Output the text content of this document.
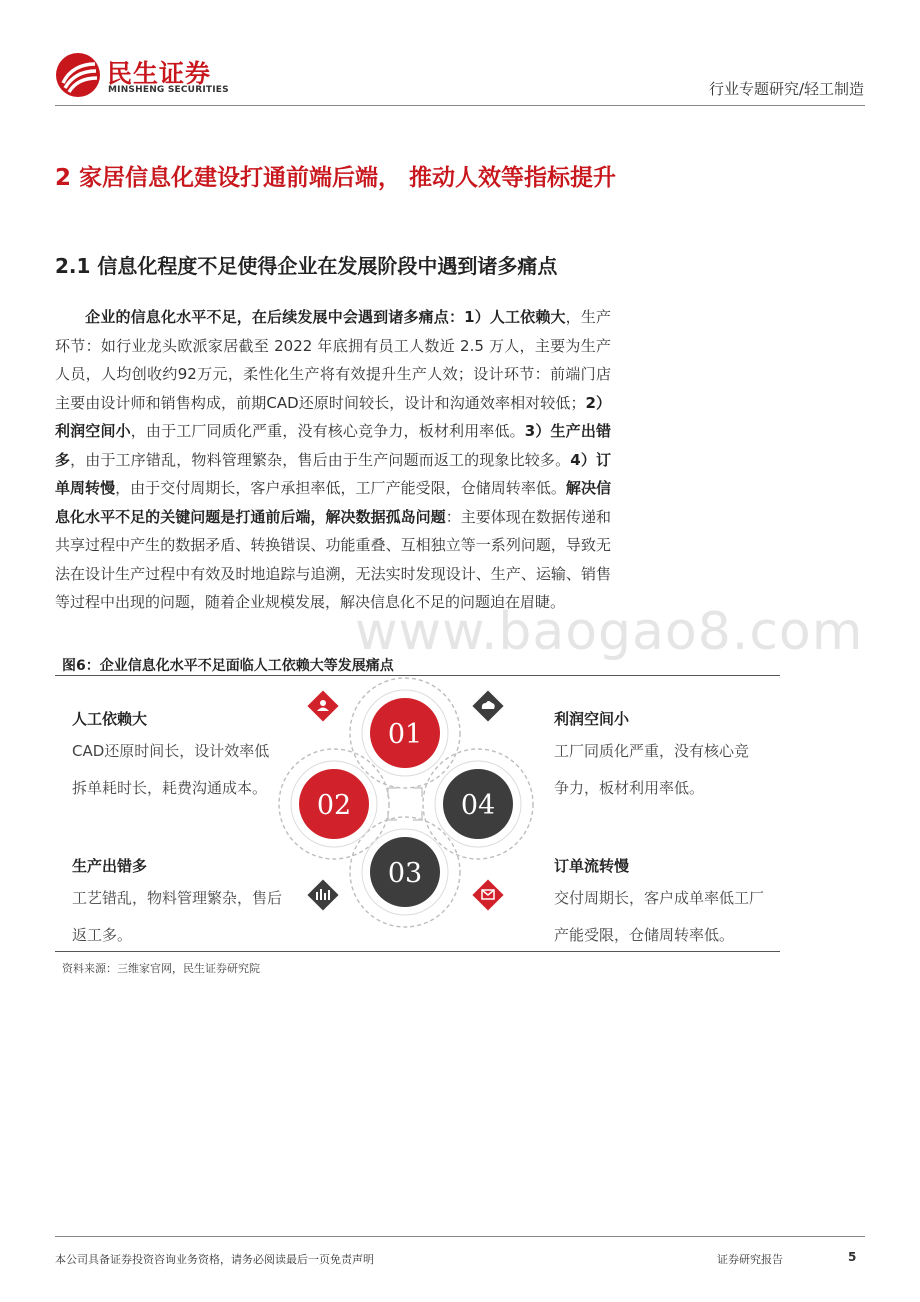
民生证券
MINSHENG SECURITIES	行业专题研究/轻工制造
2 家居信息化建设打通前端后端， 推动人效等指标提升
2.1 信息化程度不足使得企业在发展阶段中遇到诸多痛点
企业的信息化水平不足，在后续发展中会遇到诸多痛点：1）人工依赖大，生产环节：如行业龙头欧派家居截至 2022 年底拥有员工人数近 2.5 万人，主要为生产人员，人均创收约92万元，柔性化生产将有效提升生产人效；设计环节：前端门店主要由设计师和销售构成，前期CAD还原时间较长，设计和沟通效率相对较低；2）利润空间小，由于工厂同质化严重，没有核心竞争力，板材利用率低。3）生产出错多，由于工序错乱，物料管理繁杂，售后由于生产问题而返工的现象比较多。4）订单周转慢，由于交付周期长，客户承担率低，工厂产能受限，仓储周转率低。解决信息化水平不足的关键问题是打通前后端，解决数据孤岛问题：主要体现在数据传递和共享过程中产生的数据矛盾、转换错误、功能重叠、互相独立等一系列问题，导致无法在设计生产过程中有效及时地追踪与追溯，无法实时发现设计、生产、运输、销售等过程中出现的问题，随着企业规模发展，解决信息化不足的问题迫在眉睫。
www.baogao8.com
图6：企业信息化水平不足面临人工依赖大等发展痛点
人工依赖大
CAD还原时间长，设计效率低拆单耗时长，耗费沟通成本。
利润空间小
工厂同质化严重，没有核心竞争力，板材利用率低。
生产出错多
工艺错乱，物料管理繁杂，售后返工多。
订单流转慢
交付周期长，客户成单率低工厂产能受限，仓储周转率低。
01
02
03
04
资料来源：三维家官网，民生证券研究院
本公司具备证券投资咨询业务资格，请务必阅读最后一页免责声明	证券研究报告	5
